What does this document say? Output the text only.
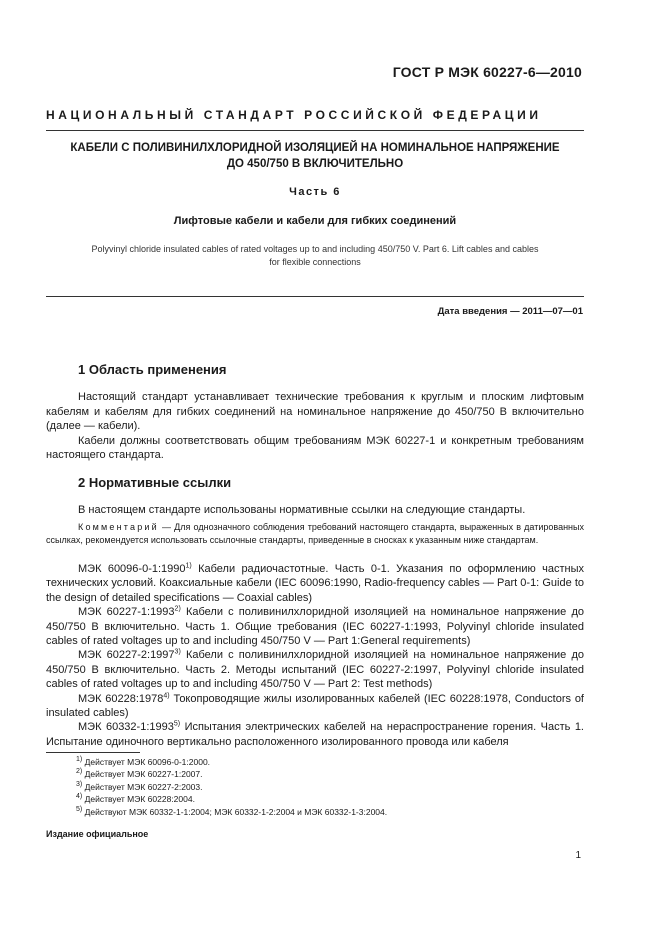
ГОСТ Р МЭК 60227-6—2010
НАЦИОНАЛЬНЫЙ СТАНДАРТ РОССИЙСКОЙ ФЕДЕРАЦИИ
КАБЕЛИ С ПОЛИВИНИЛХЛОРИДНОЙ ИЗОЛЯЦИЕЙ НА НОМИНАЛЬНОЕ НАПРЯЖЕНИЕ
ДО 450/750 В ВКЛЮЧИТЕЛЬНО
Часть 6
Лифтовые кабели и кабели для гибких соединений
Polyvinyl chloride insulated cables of rated voltages up to and including 450/750 V. Part 6. Lift cables and cables
for flexible connections
Дата введения — 2011—07—01
1 Область применения

Настоящий стандарт устанавливает технические требования к круглым и плоским лифтовым кабелям и кабелям для гибких соединений на номинальное напряжение до 450/750 В включительно (далее — кабели).

Кабели должны соответствовать общим требованиям МЭК 60227-1 и конкретным требованиям настоящего стандарта.

2 Нормативные ссылки

В настоящем стандарте использованы нормативные ссылки на следующие стандарты.

Комментарий — Для однозначного соблюдения требований настоящего стандарта, выраженных в датированных ссылках, рекомендуется использовать ссылочные стандарты, приведенные в сносках к указанным ниже стандартам.

МЭК 60096-0-1:1990$^{1)}$ Кабели радиочастотные. Часть 0-1. Указания по оформлению частных технических условий. Коаксиальные кабели (IEC 60096:1990, Radio-frequency cables — Part 0-1: Guide to the design of detailed specifications — Coaxial cables)

МЭК 60227-1:1993$^{2)}$ Кабели с поливинилхлоридной изоляцией на номинальное напряжение до 450/750 В включительно. Часть 1. Общие требования (IEC 60227-1:1993, Polyvinyl chloride insulated cables of rated voltages up to and including 450/750 V — Part 1:General requirements)

МЭК 60227-2:1997$^{3)}$ Кабели с поливинилхлоридной изоляцией на номинальное напряжение до 450/750 В включительно. Часть 2. Методы испытаний (IEC 60227-2:1997, Polyvinyl chloride insulated cables of rated voltages up to and including 450/750 V — Part 2: Test methods)

МЭК 60228:1978$^{4)}$ Токопроводящие жилы изолированных кабелей (IEC 60228:1978, Conductors of insulated cables)

МЭК 60332-1:1993$^{5)}$ Испытания электрических кабелей на нераспространение горения. Часть 1. Испытание одиночного вертикально расположенного изолированного провода или кабеля

$^{1)}$ Действует МЭК 60096-0-1:2000.
$^{2)}$ Действует МЭК 60227-1:2007.
$^{3)}$ Действует МЭК 60227-2:2003.
$^{4)}$ Действует МЭК 60228:2004.
$^{5)}$ Действуют МЭК 60332-1-1:2004; МЭК 60332-1-2:2004 и МЭК 60332-1-3:2004.
Издание официальное
1
